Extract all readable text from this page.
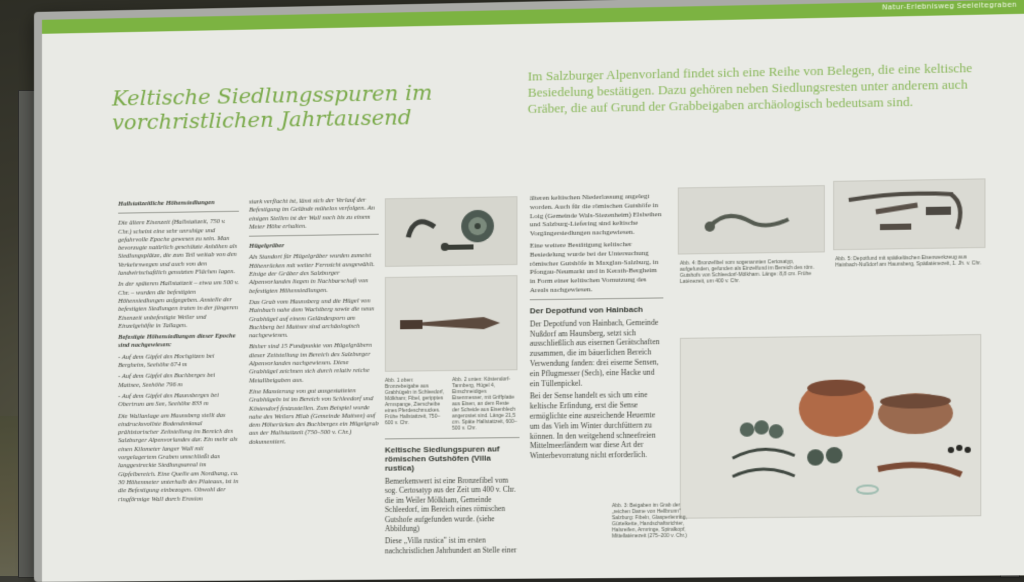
Natur-Erlebnisweg Seeleitegraben
Keltische Siedlungsspuren im
vorchristlichen Jahrtausend
Im Salzburger Alpenvorland findet sich eine Reihe von Belegen, die eine keltische Besiedelung bestätigen. Dazu gehören neben Siedlungsresten unter anderem auch Gräber, die auf Grund der Grabbeigaben archäologisch bedeutsam sind.

Hallstattzeitliche Höhensiedlungen

Die ältere Eisenzeit (Hallstattzeit, 750 v. Chr.) scheint eine sehr unruhige und gefahrvolle Epoche gewesen zu sein. Man bevorzugte natürlich geschützte Anhöhen als Siedlungsplätze, die zum Teil weitab von den Verkehrswegen und auch von den landwirtschaftlich genutzten Flächen lagen.

In der späteren Hallstattzeit – etwa um 500 v. Chr. – wurden die befestigten Höhensiedlungen aufgegeben. Anstelle der befestigten Siedlungen traten in der jüngeren Eisenzeit unbefestigte Weiler und Einzelgehöfte in Tallagen.

Befestigte Höhensiedlungen dieser Epoche sind nachgewiesen:

- Auf dem Gipfel des Hochgitzen bei Bergheim, Seehöhe 674 m

- Auf dem Gipfel des Buchberges bei Mattsee, Seehöhe 796 m

- Auf dem Gipfel des Haunsberges bei Obertrum am See, Seehöhe 833 m

Die Wallanlage am Haunsberg stellt das eindrucksvollste Bodendenkmal prähistorischer Zeitstellung im Bereich des Salzburger Alpenvorlandes dar. Ein mehr als einen Kilometer langer Wall mit vorgelagertem Graben umschließt das langgestreckte Siedlungsareal im Gipfelbereich. Eine Quelle am Nordhang, ca. 30 Höhenmeter unterhalb des Plateaus, ist in die Befestigung einbezogen. Obwohl der ringförmige Wall durch Erosion

stark verflacht ist, lässt sich der Verlauf der Befestigung im Gelände mühelos verfolgen. An einigen Stellen ist der Wall noch bis zu einem Meter Höhe erhalten.

Hügelgräber

Als Standort für Hügelgräber wurden zumeist Höhenrücken mit weiter Fernsicht ausgewählt. Einige der Gräber des Salzburger Alpenvorlandes liegen in Nachbarschaft von befestigten Höhensiedlungen.

Das Grab vom Haunsberg und die Hügel von Hainbach nahe dem Wachtberg sowie die neun Grabhügel auf einem Geländesporn am Buchberg bei Mattsee sind archäologisch nachgewiesen.

Bisher sind 15 Fundpunkte von Hügelgräbern dieser Zeitstellung im Bereich des Salzburger Alpenvorlandes nachgewiesen. Diese Grabhügel zeichnen sich durch relativ reiche Metallbeigaben aus.

Eine Massierung von gut ausgestatteten Grabhügeln ist im Bereich von Schleedorf und Köstendorf festzustellen. Zum Beispiel wurde nahe des Weilers Hlab (Gemeinde Mattsee) auf dem Höherücken des Buchberges ein Hügelgrab aus der Hallstattzeit (750–500 v. Chr.) dokumentiert.

Abb. 1 oben: Bronzebeigabe aus Grabhügeln in Schleedorf, Mölkham; Fibel, geripptes Armspange, Zierscheibe eines Pferdeschmuckes. Frühe Hallstattzeit, 750–600 v. Chr.
Abb. 2 unten: Köstendorf-Tannberg, Hügel 4, Einschneidiges Eisenmesser, mit Griffplatte aus Eisen, an dem Reste der Scheide aus Eisenblech angerostet sind. Länge 21,5 cm. Späte Hallstattzeit, 600–500 v. Chr.
Keltische Siedlungspuren auf römischen Gutshöfen (Villa rustica)

Bemerkenswert ist eine Bronzefibel vom sog. Certosatyp aus der Zeit um 400 v. Chr. die im Weiler Mölkham, Gemeinde Schleedorf, im Bereich eines römischen Gutshofe aufgefunden wurde. (siehe Abbildung)

Diese „Villa rustica" ist im ersten nachchristlichen Jahrhundert an Stelle einer

älteren keltischen Niederlassung angelegt worden. Auch für die römischen Gutshöfe in Loig (Gemeinde Wals-Siezenheim) Elsbethen und Salzburg-Liefering sind keltische Vorgängersiedlungen nachgewiesen.

Eine weitere Bestätigung keltischer Besiedelung wurde bei der Untersuchung römischer Gutshöfe in Maxglan-Salzburg, in Pfongau-Neumarkt und in Kerath-Bergheim in Form einer keltischen Vornutzung des Areals nachgewiesen.

Der Depotfund von Hainbach

Der Depotfund von Hainbach, Gemeinde Nußdorf am Haunsberg, setzt sich ausschließlich aus eisernen Gerätschaften zusammen, die im bäuerlichen Bereich Verwendung fanden: drei eiserne Sensen, ein Pflugmesser (Sech), eine Hacke und ein Tüllenpickel.

Bei der Sense handelt es sich um eine keltische Erfindung, erst die Sense ermöglichte eine ausreichende Heuernte um das Vieh im Winter durchfüttern zu können. In den weitgehend schneefreien Mittelmeerländern war diese Art der Winterbevorratung nicht erforderlich.

Abb. 4: Bronzefibel vom sogenannten Certosatyp, aufgefunden, gefunden als Einzelfund im Bereich des röm. Gutshofs von Schleedorf-Mölkham. Länge: 8,8 cm. Frühe Latènezeit, um 400 v. Chr.
Abb. 5: Depotfund mit spätkeltischen Eisenwerkzeug aus Hainbach-Nußdorf am Haunsberg, Spätlatènezeit, 1. Jh. v. Chr.
Abb. 3: Beigaben im Grab der „reichen Dame von Hellbrunn" Salzburg: Fibeln, Glasperlenring, Gürtelkette, Handschaftsrichter, Halsreifen, Armringe, Spiralkopf, Mittellatènezeit (275–200 v. Chr.)
